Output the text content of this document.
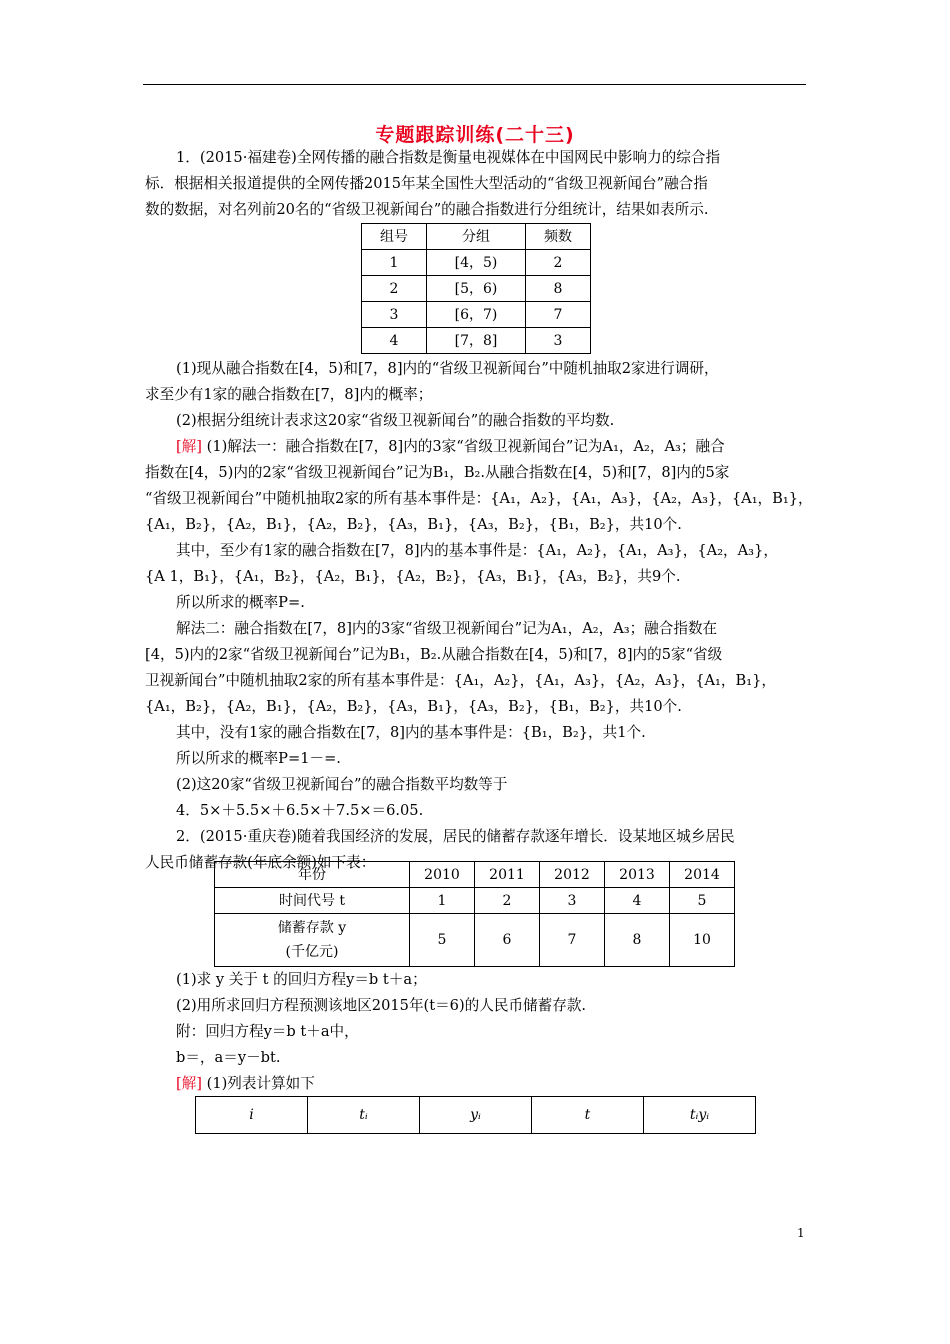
专题跟踪训练(二十三)
1．(2015·福建卷)全网传播的融合指数是衡量电视媒体在中国网民中影响力的综合指
标．根据相关报道提供的全网传播2015年某全国性大型活动的“省级卫视新闻台”融合指
数的数据，对名列前20名的“省级卫视新闻台”的融合指数进行分组统计，结果如表所示.
组号	分组	频数
1	[4，5)	2
2	[5，6)	8
3	[6，7)	7
4	[7，8]	3
(1)现从融合指数在[4，5)和[7，8]内的“省级卫视新闻台”中随机抽取2家进行调研，
求至少有1家的融合指数在[7，8]内的概率；
(2)根据分组统计表求这20家“省级卫视新闻台”的融合指数的平均数.
[解] (1)解法一：融合指数在[7，8]内的3家“省级卫视新闻台”记为A₁，A₂，A₃；融合
指数在[4，5)内的2家“省级卫视新闻台”记为B₁，B₂.从融合指数在[4，5)和[7，8]内的5家
“省级卫视新闻台”中随机抽取2家的所有基本事件是：{A₁，A₂}，{A₁，A₃}，{A₂，A₃}，{A₁，B₁}，
{A₁，B₂}，{A₂，B₁}，{A₂，B₂}，{A₃，B₁}，{A₃，B₂}，{B₁，B₂}，共10个.
其中，至少有1家的融合指数在[7，8]内的基本事件是：{A₁，A₂}，{A₁，A₃}，{A₂，A₃}，
{A 1，B₁}，{A₁，B₂}，{A₂，B₁}，{A₂，B₂}，{A₃，B₁}，{A₃，B₂}，共9个.
所以所求的概率P=.
解法二：融合指数在[7，8]内的3家“省级卫视新闻台”记为A₁，A₂，A₃；融合指数在
[4，5)内的2家“省级卫视新闻台”记为B₁，B₂.从融合指数在[4，5)和[7，8]内的5家“省级
卫视新闻台”中随机抽取2家的所有基本事件是：{A₁，A₂}，{A₁，A₃}，{A₂，A₃}，{A₁，B₁}，
{A₁，B₂}，{A₂，B₁}，{A₂，B₂}，{A₃，B₁}，{A₃，B₂}，{B₁，B₂}，共10个.
其中，没有1家的融合指数在[7，8]内的基本事件是：{B₁，B₂}，共1个.
所以所求的概率P=1－=.
(2)这20家“省级卫视新闻台”的融合指数平均数等于
4．5×＋5.5×＋6.5×＋7.5×＝6.05.
2．(2015·重庆卷)随着我国经济的发展，居民的储蓄存款逐年增长．设某地区城乡居民
人民币储蓄存款(年底余额)如下表：
年份	2010	2011	2012	2013	2014
时间代号 t	1	2	3	4	5

储蓄存款 y
(千亿元)	5	6	7	8	10
(1)求 y 关于 t 的回归方程y＝b t＋a；
(2)用所求回归方程预测该地区2015年(t＝6)的人民币储蓄存款.
附：回归方程y＝b t＋a中，
b＝，a＝y－bt.
[解] (1)列表计算如下
i	tᵢ	yᵢ	t	tᵢyᵢ
1
